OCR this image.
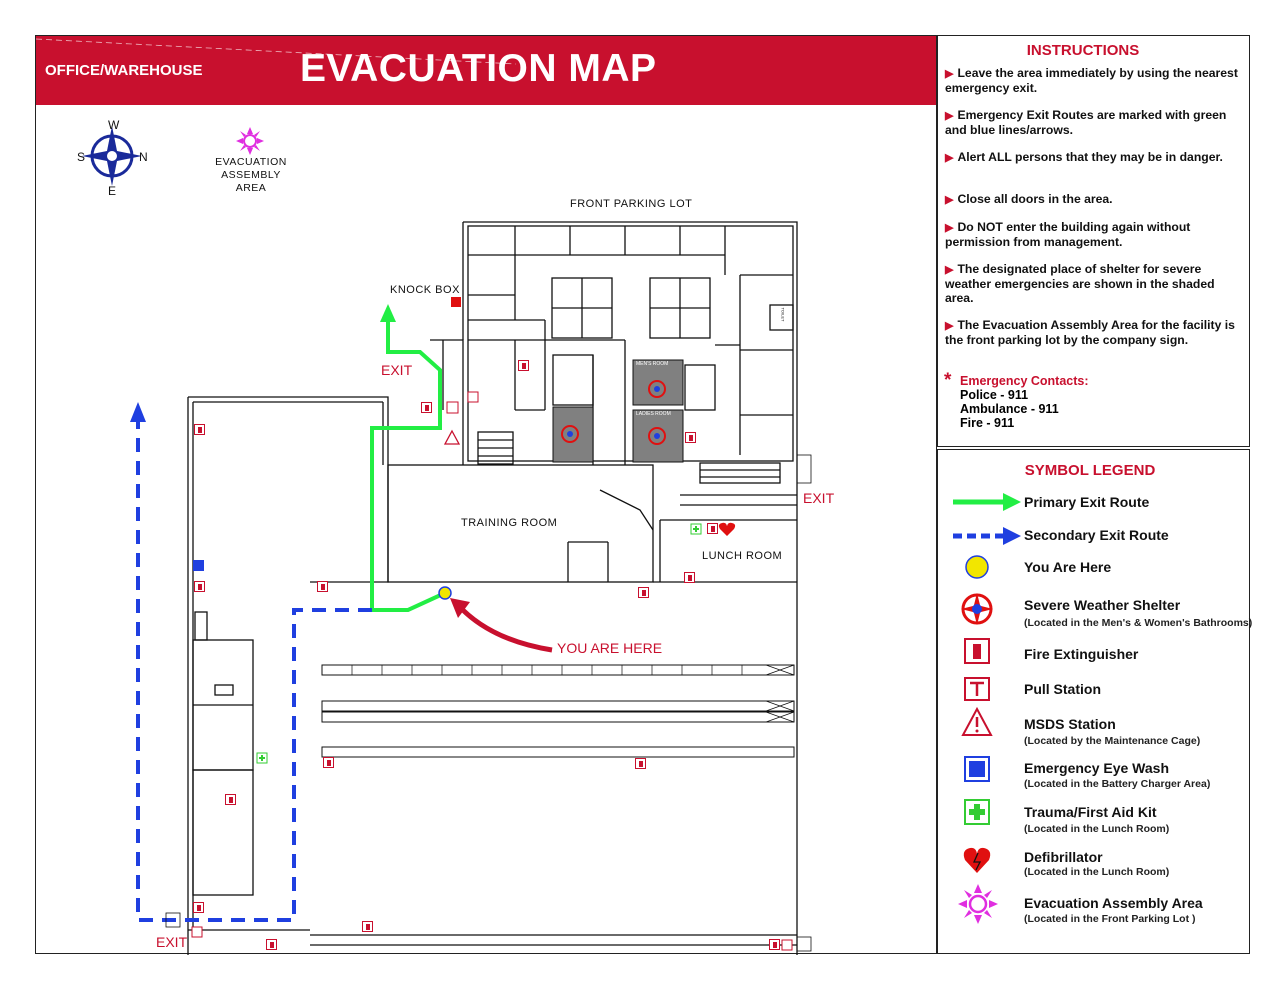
OFFICE/WAREHOUSE EVACUATION MAP
W
S	N
E
EVACUATION ASSEMBLY AREA
FRONT PARKING LOT
KNOCK BOX
TRAINING ROOM
LUNCH ROOM
MEN'S ROOM
LADIES ROOM
TOILET
EXIT
EXIT
EXIT
YOU ARE HERE
INSTRUCTIONS
▶ Leave the area immediately by using the nearest emergency exit.
▶ Emergency Exit Routes are marked with green and blue lines/arrows.
▶ Alert ALL persons that they may be in danger.
▶ Close all doors in the area.
▶ Do NOT enter the building again without permission from management.
▶ The designated place of shelter for severe weather emergencies are shown in the shaded area.
▶ The Evacuation Assembly Area for the facility is the front parking lot by the company sign.
* Emergency Contacts:
Police - 911
Ambulance - 911
Fire - 911
SYMBOL LEGEND
Primary Exit Route
Secondary Exit Route
You Are Here
Severe Weather Shelter
(Located in the Men's & Women's Bathrooms)
Fire Extinguisher
Pull Station
MSDS Station
(Located by the Maintenance Cage)
Emergency Eye Wash
(Located in the Battery Charger Area)
Trauma/First Aid Kit
(Located in the Lunch Room)
Defibrillator
(Located in the Lunch Room)
Evacuation Assembly Area
(Located in the Front Parking Lot )
